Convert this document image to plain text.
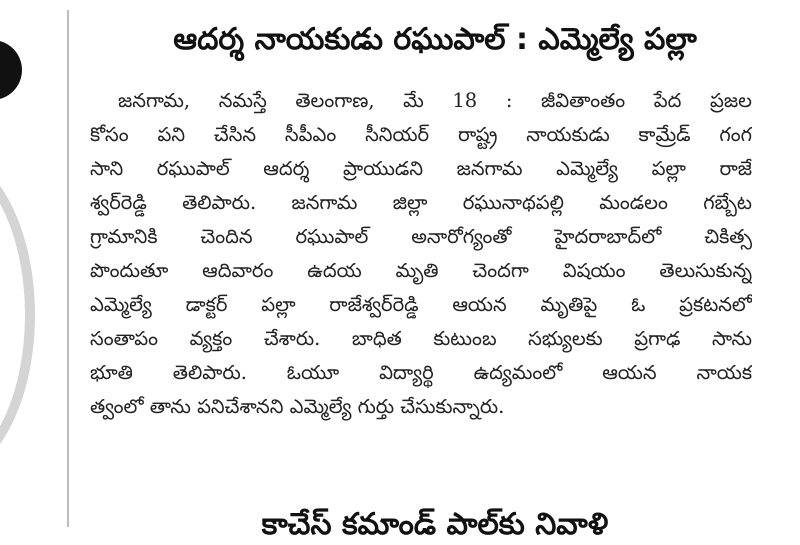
ఆదర్శ నాయకుడు రఘుపాల్ : ఎమ్మెల్యే పల్లా
జనగామ, నమస్తే తెలంగాణ, మే 18 : జీవితాంతం పేద ప్రజల
కోసం పని చేసిన సీపీఎం సీనియర్ రాష్ట్ర నాయకుడు కామ్రేడ్ గంగ
సాని రఘుపాల్ ఆదర్శ ప్రాయుడని జనగామ ఎమ్మెల్యే పల్లా రాజే
శ్వర్‌రెడ్డి తెలిపారు. జనగామ జిల్లా రఘునాథపల్లి మండలం గబ్బేట
గ్రామానికి చెందిన రఘుపాల్ అనారోగ్యంతో హైదరాబాద్‌లో చికిత్స
పొందుతూ ఆదివారం ఉదయ మృతి చెందగా విషయం తెలుసుకున్న
ఎమ్మెల్యే డాక్టర్ పల్లా రాజేశ్వర్‌రెడ్డి ఆయన మృతిపై ఓ ప్రకటనలో
సంతాపం వ్యక్తం చేశారు. బాధిత కుటుంబ సభ్యులకు ప్రగాఢ సాను
భూతి తెలిపారు. ఓయూ విద్యార్థి ఉద్యమంలో ఆయన నాయక
త్వంలో తాను పనిచేశానని ఎమ్మెల్యే గుర్తు చేసుకున్నారు.
కాచేస్ కమాండ్ పాల్‌కు నివాళి
